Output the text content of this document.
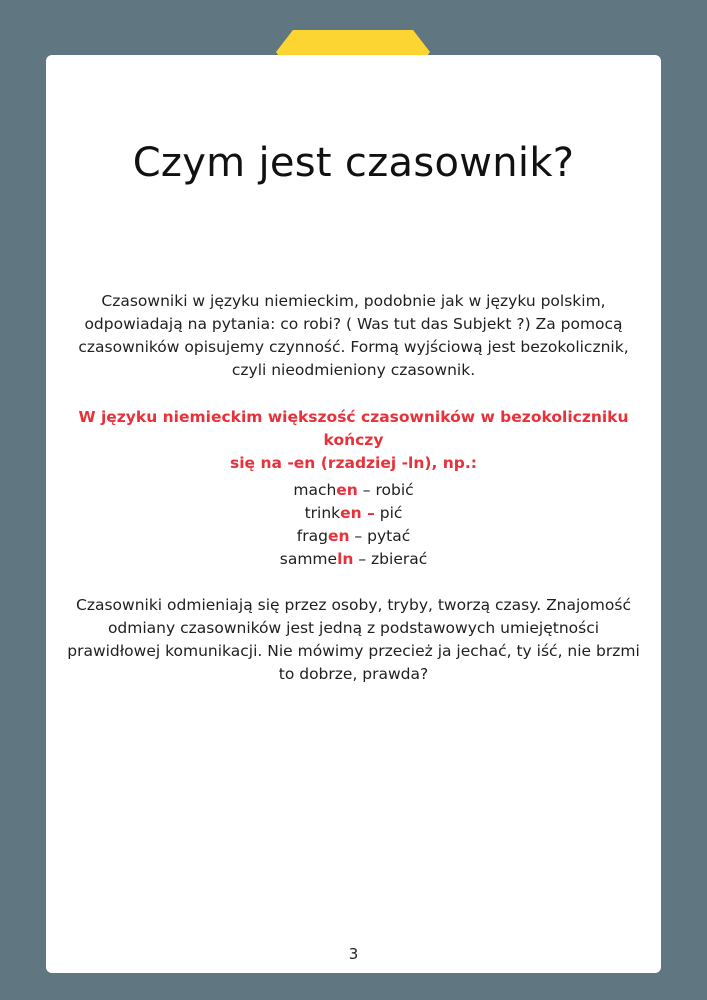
Czym jest czasownik?
Czasowniki w języku niemieckim, podobnie jak w języku polskim,
odpowiadają na pytania: co robi? ( Was tut das Subjekt ?) Za pomocą
czasowników opisujemy czynność. Formą wyjściową jest bezokolicznik,
czyli nieodmieniony czasownik.
W języku niemieckim większość czasowników w bezokoliczniku kończy
się na -en (rzadziej -ln), np.:
machen – robić
trinken – pić
fragen – pytać
sammeln – zbierać
Czasowniki odmieniają się przez osoby, tryby, tworzą czasy. Znajomość
odmiany czasowników jest jedną z podstawowych umiejętności
prawidłowej komunikacji. Nie mówimy przecież ja jechać, ty iść, nie brzmi
to dobrze, prawda?
3
